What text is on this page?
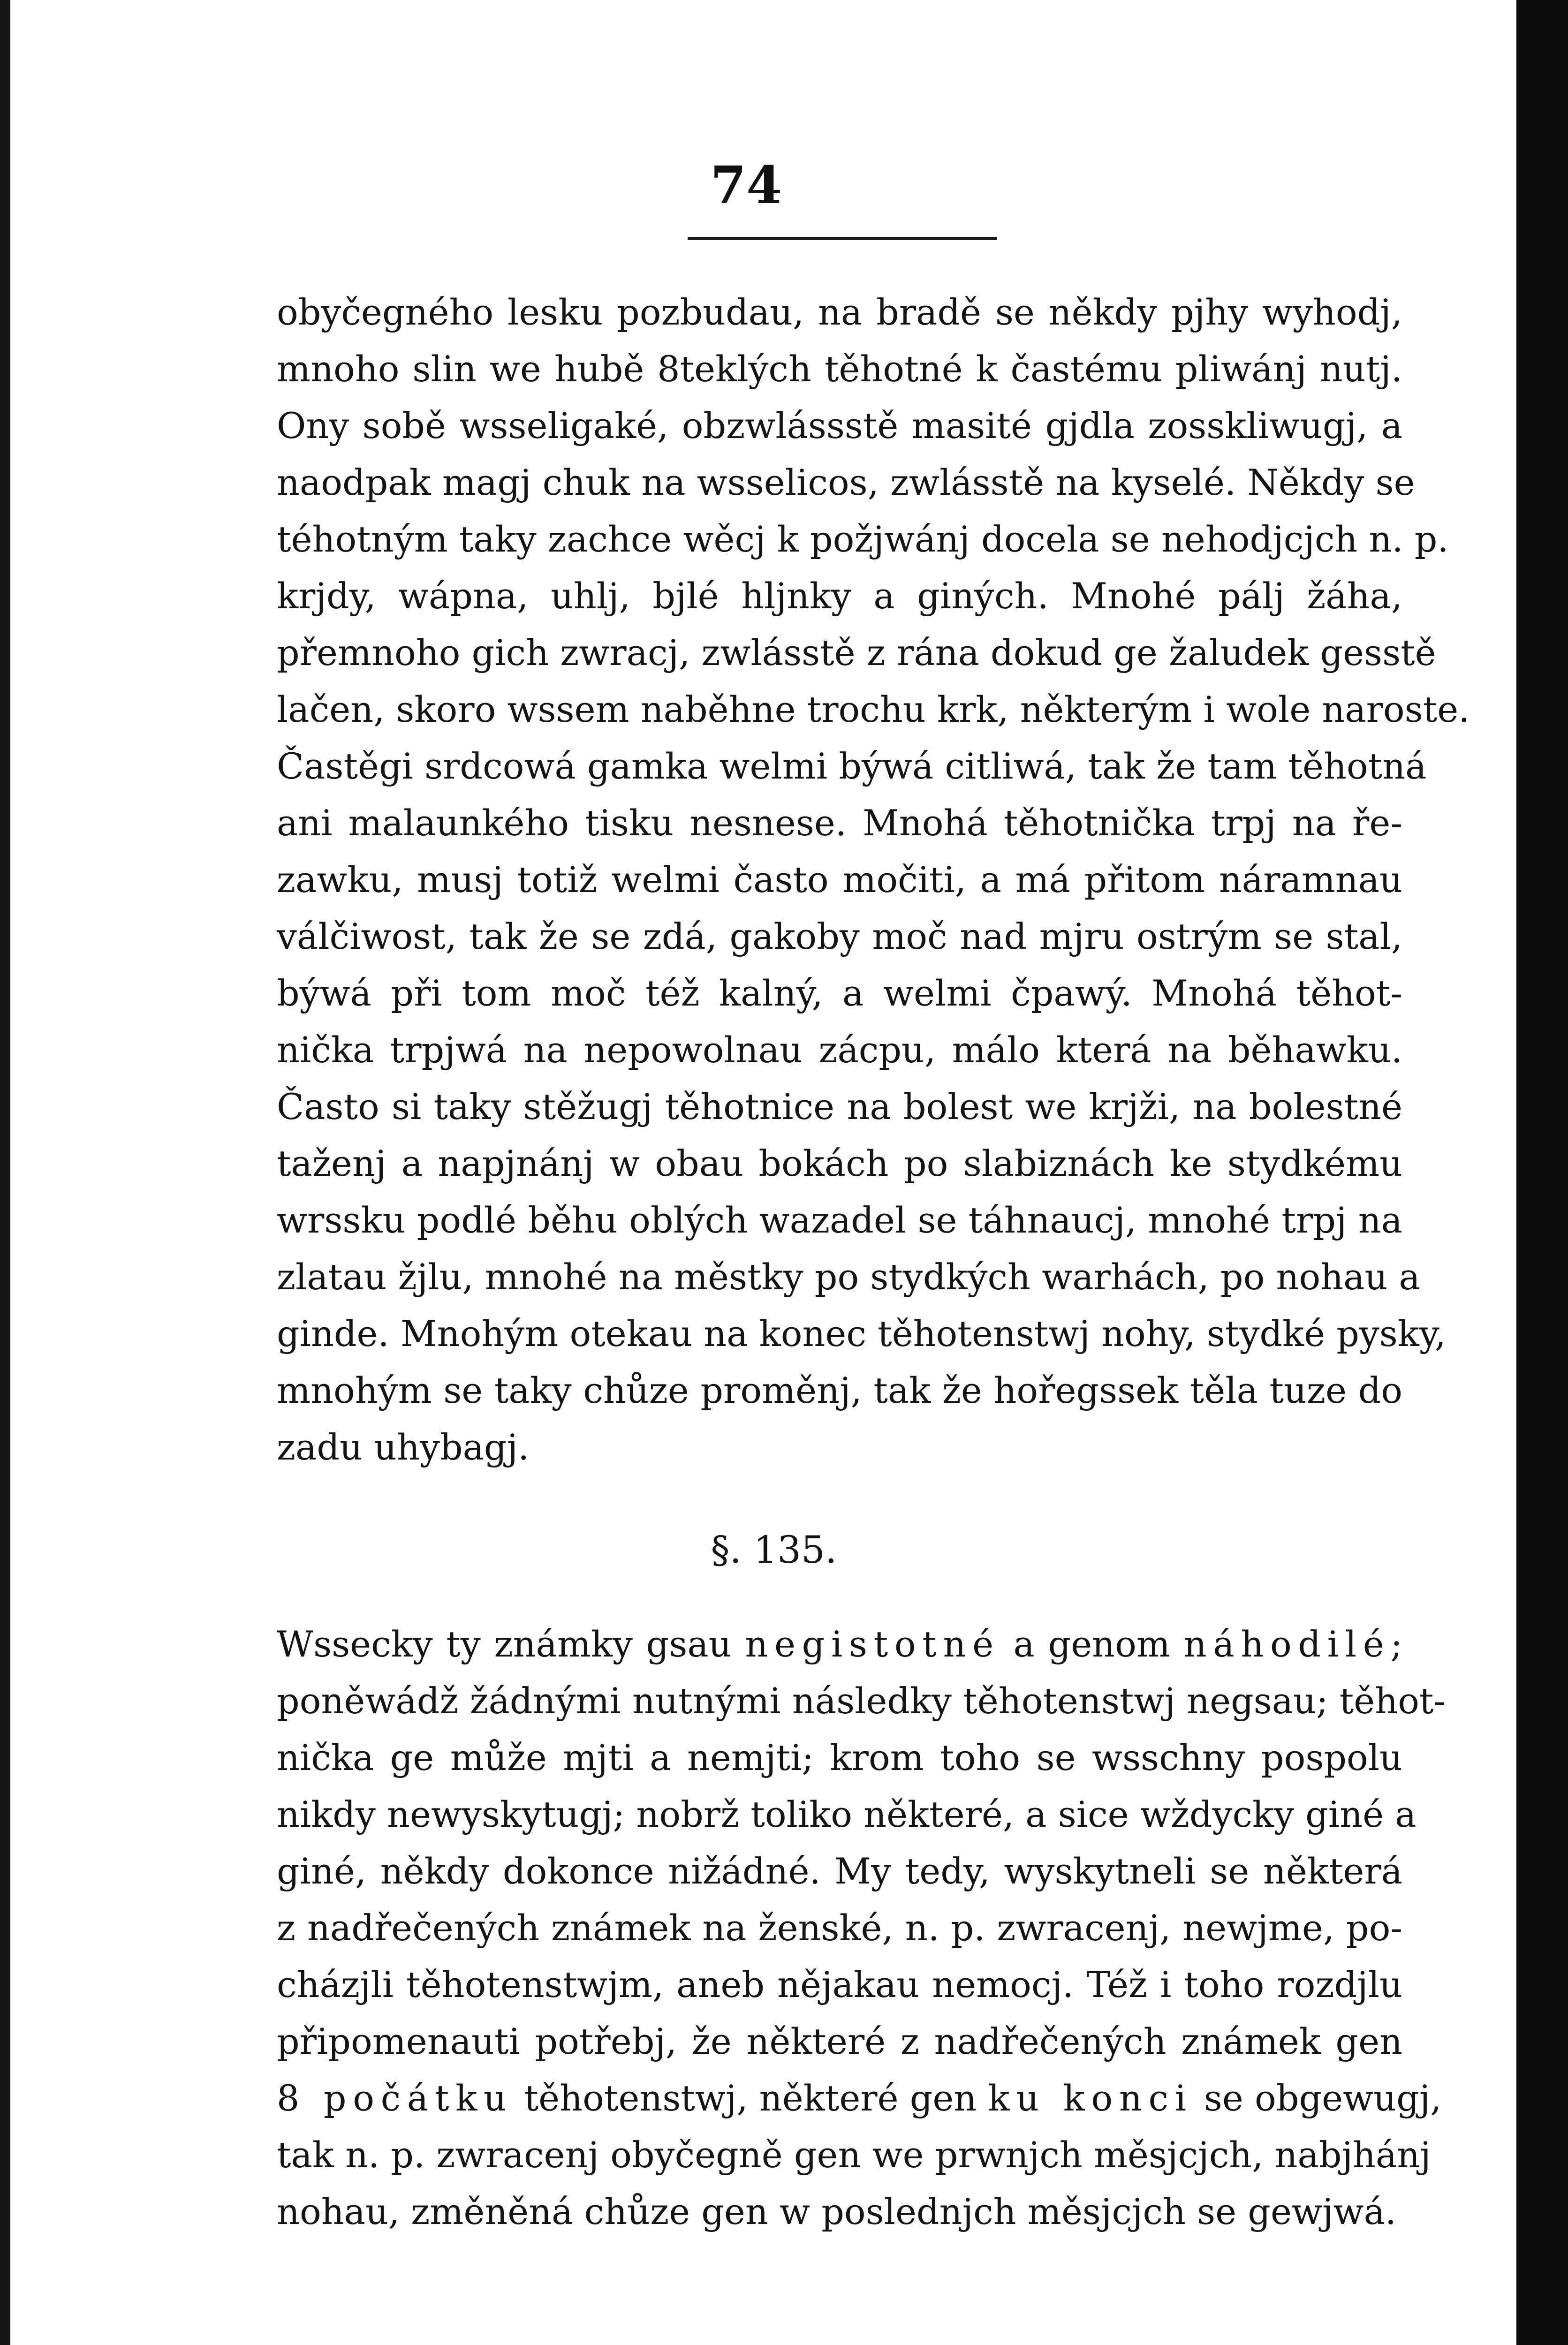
74
obyčegného lesku pozbudau, na bradě se někdy pjhy wyhodj,
mnoho slin we hubě 8teklých těhotné k častému pliwánj nutj.
Ony sobě wsseligaké, obzwlássstě masité gjdla zosskliwugj, a
naodpak magj chuk na wsselicos, zwlásstě na kyselé. Někdy se
téhotným taky zachce wěcj k požjwánj docela se nehodjcjch n. p.
krjdy, wápna, uhlj, bjlé hljnky a giných. Mnohé pálj žáha,
přemnoho gich zwracj, zwlásstě z rána dokud ge žaludek gesstě
lačen, skoro wssem naběhne trochu krk, některým i wole naroste.
Častěgi srdcowá gamka welmi býwá citliwá, tak že tam těhotná
ani malaunkého tisku nesnese. Mnohá těhotnička trpj na ře-
zawku, musj totiž welmi často močiti, a má přitom náramnau
válčiwost, tak že se zdá, gakoby moč nad mjru ostrým se stal,
býwá při tom moč též kalný, a welmi čpawý. Mnohá těhot-
nička trpjwá na nepowolnau zácpu, málo která na běhawku.
Často si taky stěžugj těhotnice na bolest we krjži, na bolestné
taženj a napjnánj w obau bokách po slabiznách ke stydkému
wrssku podlé běhu oblých wazadel se táhnaucj, mnohé trpj na
zlatau žjlu, mnohé na městky po stydkých warhách, po nohau a
ginde. Mnohým otekau na konec těhotenstwj nohy, stydké pysky,
mnohým se taky chůze proměnj, tak že hořegssek těla tuze do
zadu uhybagj.
§. 135.
Wssecky ty známky gsau negistotné a genom náhodilé;
poněwádž žádnými nutnými následky těhotenstwj negsau; těhot-
nička ge může mjti a nemjti; krom toho se wsschny pospolu
nikdy newyskytugj; nobrž toliko některé, a sice wždycky giné a
giné, někdy dokonce nižádné. My tedy, wyskytneli se některá
z nadřečených známek na ženské, n. p. zwracenj, newjme, po-
cházjli těhotenstwjm, aneb nějakau nemocj. Též i toho rozdjlu
připomenauti potřebj, že některé z nadřečených známek gen
8 počátku těhotenstwj, některé gen ku konci se obgewugj,
tak n. p. zwracenj obyčegně gen we prwnjch měsjcjch, nabjhánj
nohau, změněná chůze gen w poslednjch měsjcjch se gewjwá.
